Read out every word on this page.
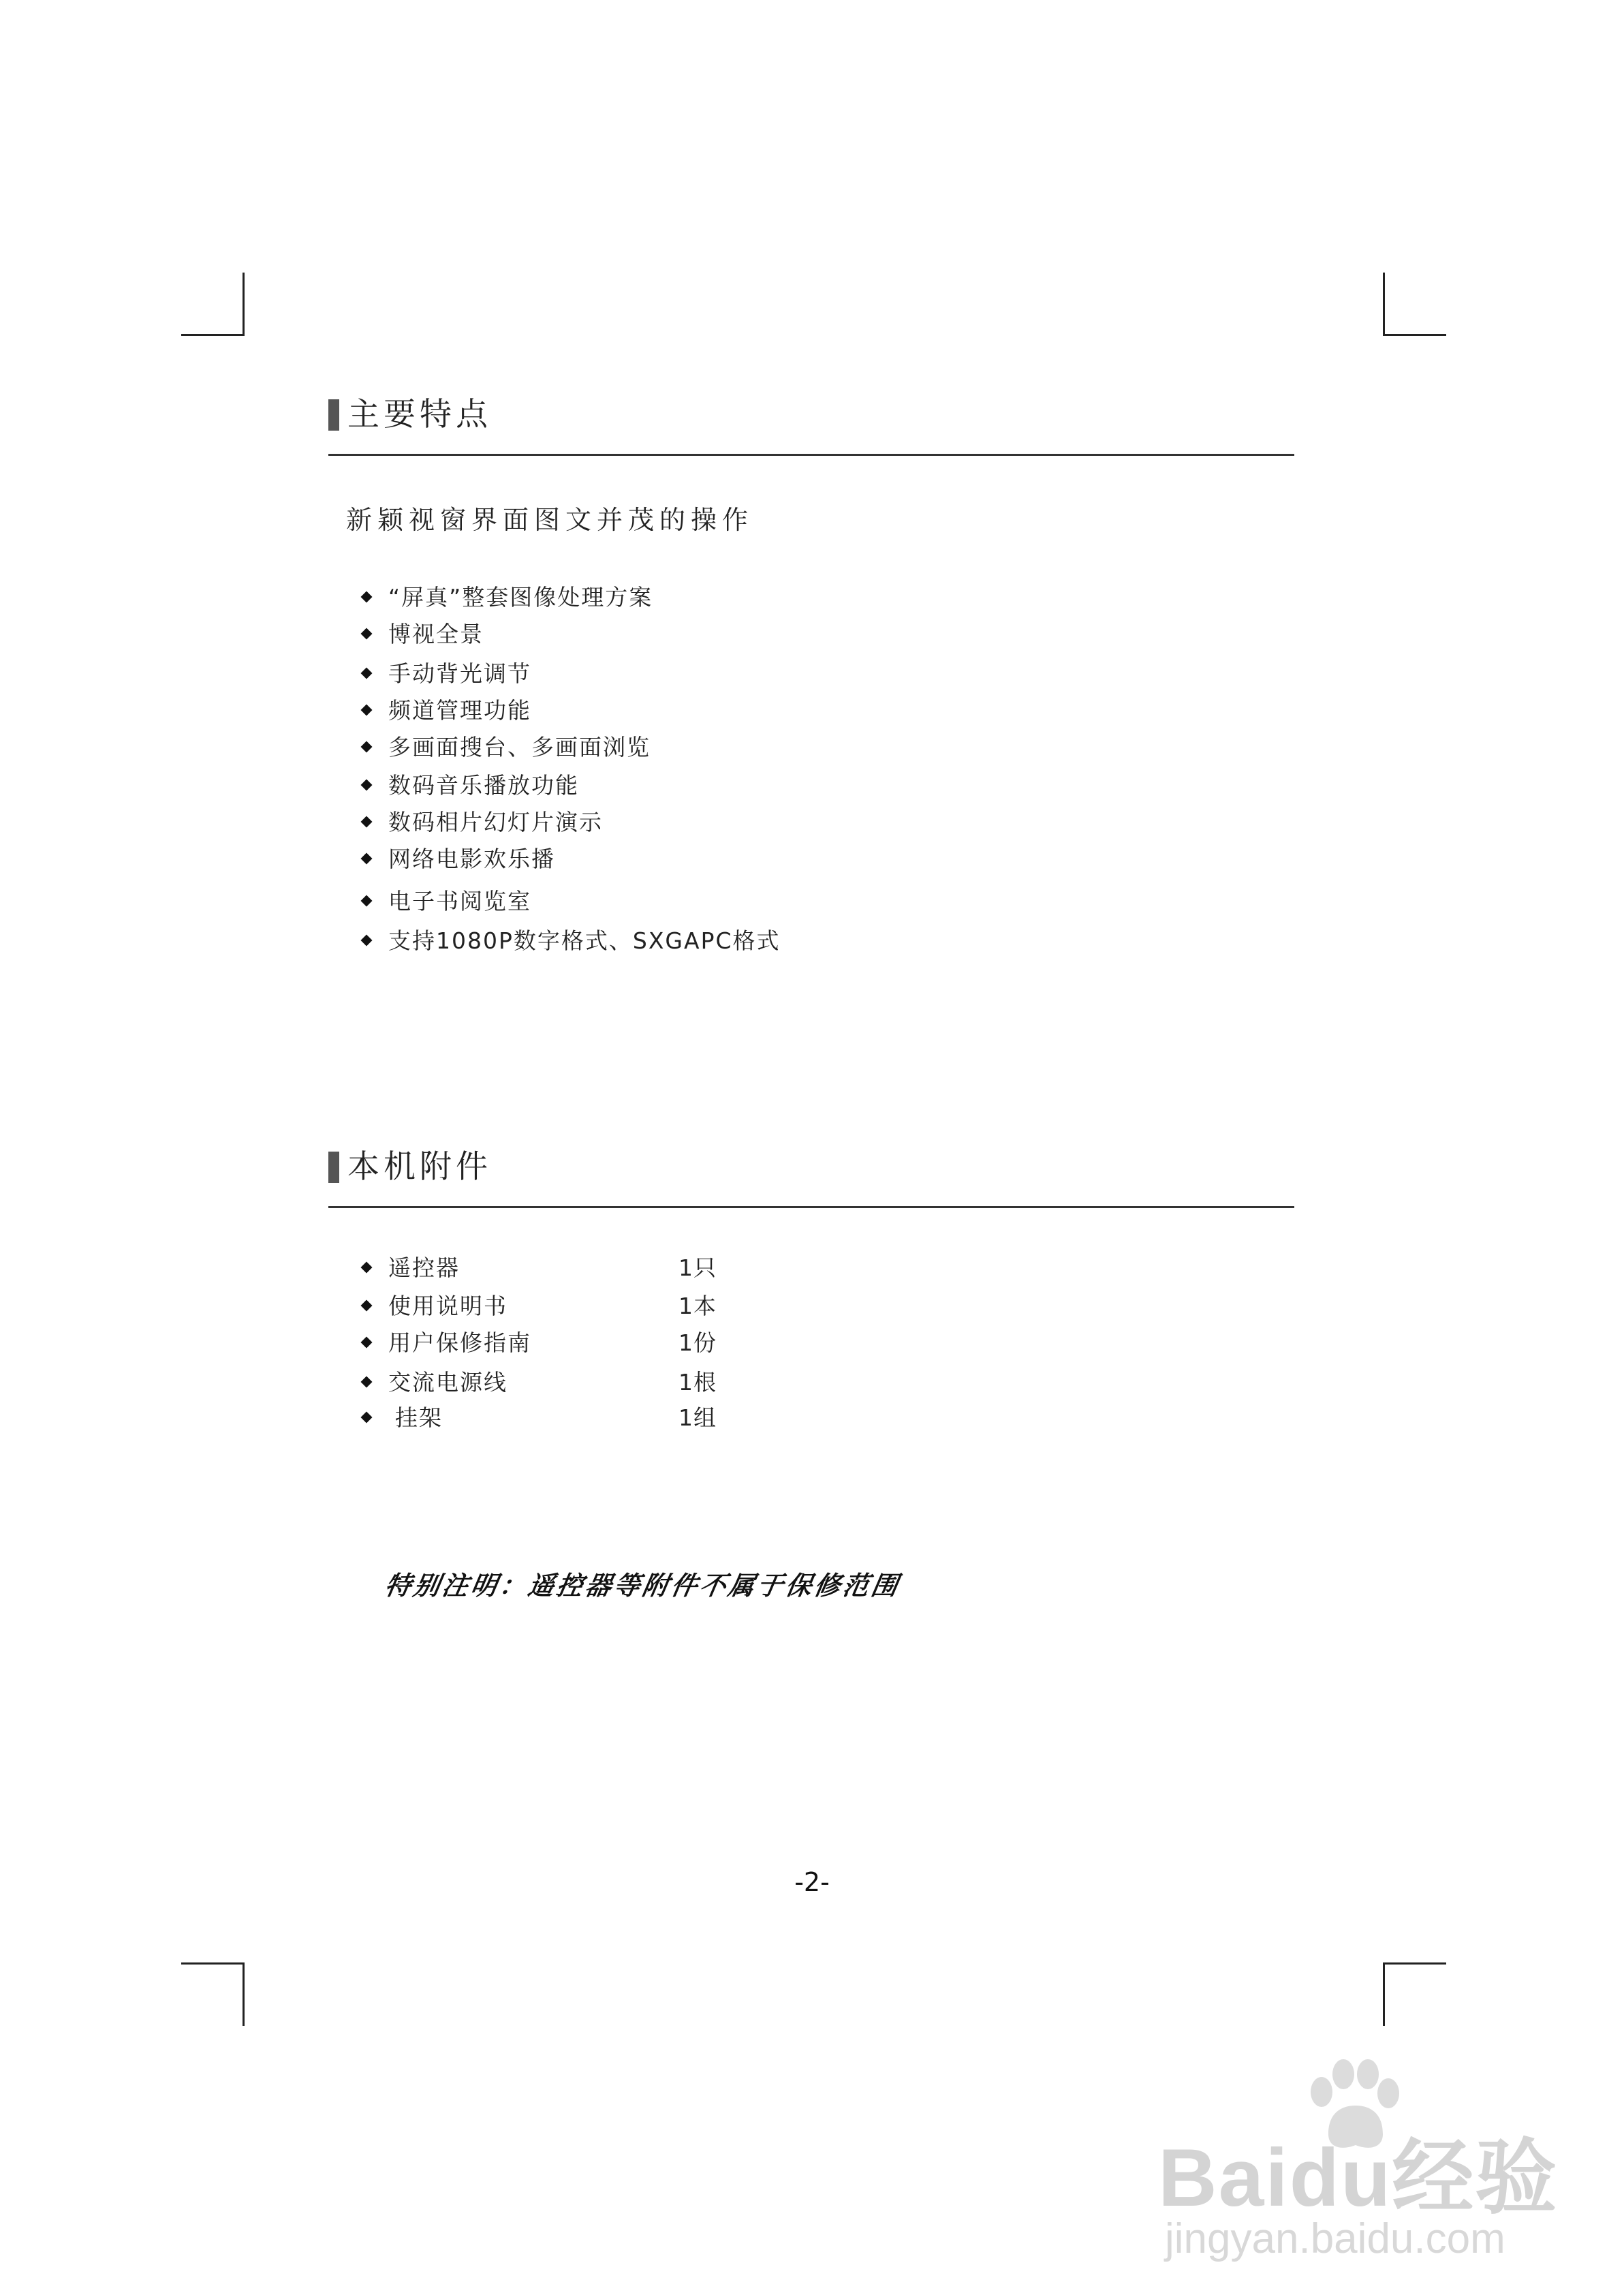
主要特点
新颖视窗界面图文并茂的操作
“屏真”整套图像处理方案
博视全景
手动背光调节
频道管理功能
多画面搜台、多画面浏览
数码音乐播放功能
数码相片幻灯片演示
网络电影欢乐播
电子书阅览室
支持1080P数字格式、SXGAPC格式
本机附件
遥控器	1只
使用说明书	1本
用户保修指南	1份
交流电源线	1根
挂架	1组
特别注明：遥控器等附件不属于保修范围
-2-
Baidu经验
jingyan.baidu.com
